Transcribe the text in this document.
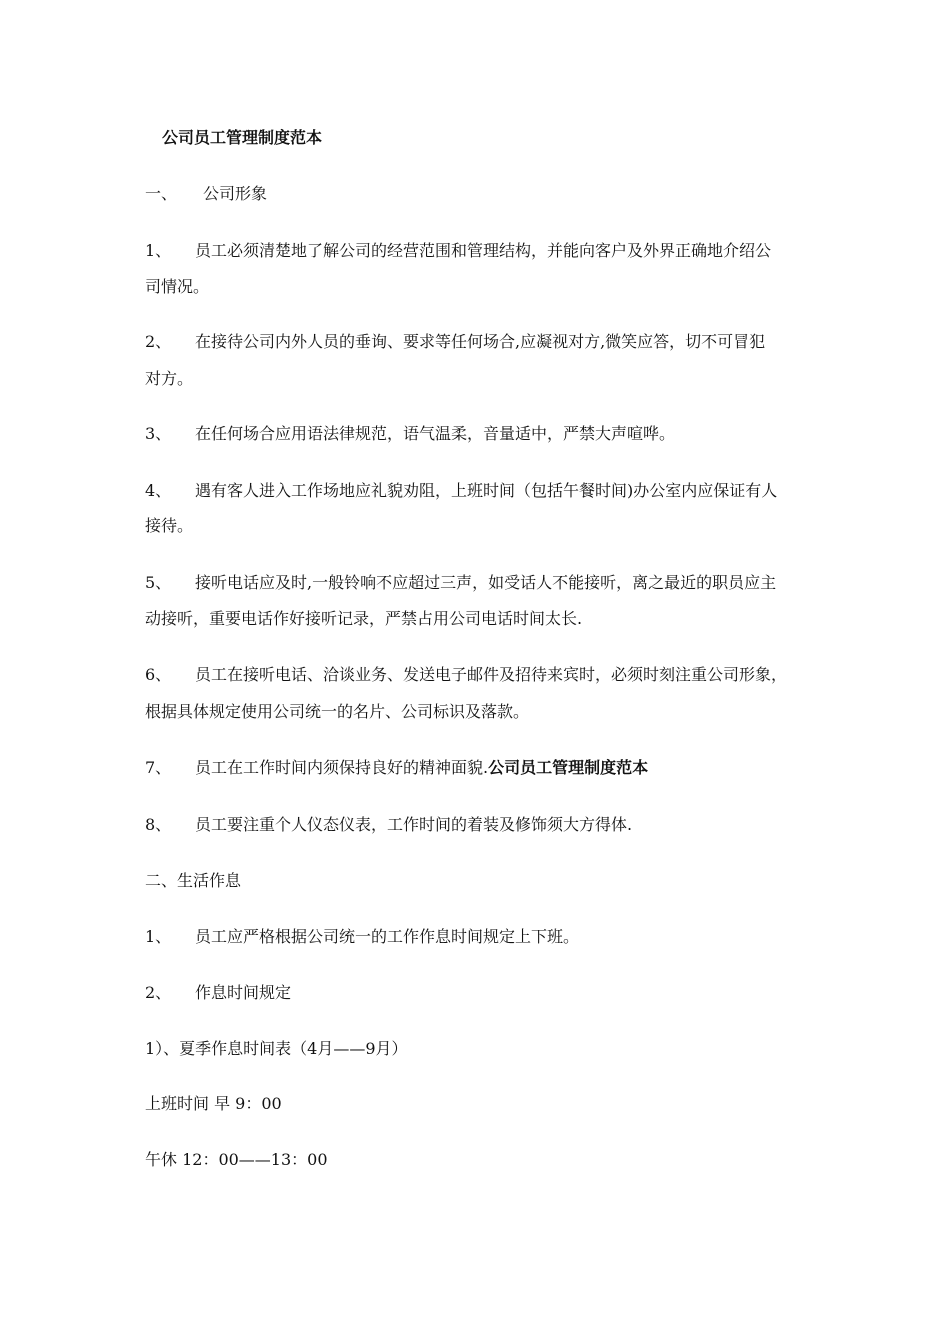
公司员工管理制度范本
一、 公司形象
1、 员工必须清楚地了解公司的经营范围和管理结构，并能向客户及外界正确地介绍公
司情况。
2、 在接待公司内外人员的垂询、要求等任何场合,应凝视对方,微笑应答，切不可冒犯
对方。
3、 在任何场合应用语法律规范，语气温柔，音量适中，严禁大声喧哗。
4、 遇有客人进入工作场地应礼貌劝阻，上班时间（包括午餐时间)办公室内应保证有人
接待。
5、 接听电话应及时,一般铃响不应超过三声，如受话人不能接听，离之最近的职员应主
动接听，重要电话作好接听记录，严禁占用公司电话时间太长.
6、 员工在接听电话、洽谈业务、发送电子邮件及招待来宾时，必须时刻注重公司形象，
根据具体规定使用公司统一的名片、公司标识及落款。
7、 员工在工作时间内须保持良好的精神面貌.公司员工管理制度范本
8、 员工要注重个人仪态仪表，工作时间的着装及修饰须大方得体.
二、生活作息
1、 员工应严格根据公司统一的工作作息时间规定上下班。
2、 作息时间规定
1）、夏季作息时间表（4月——9月）
上班时间 早 9：00
午休 12：00——13：00
